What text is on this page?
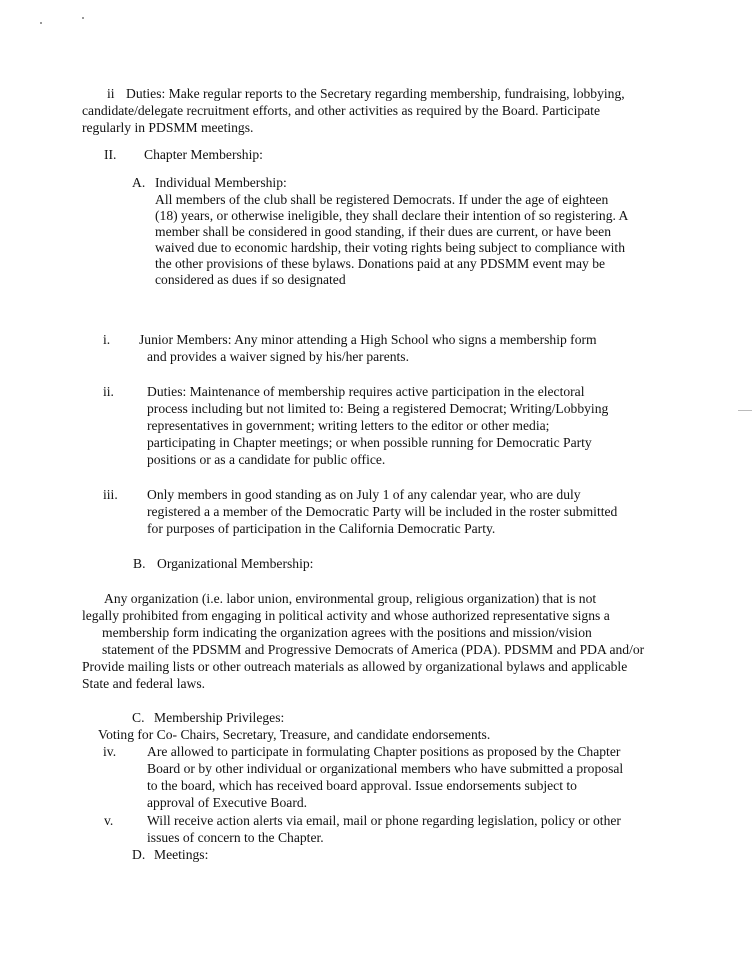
ii Duties: Make regular reports to the Secretary regarding membership, fundraising, lobbying,
candidate/delegate recruitment efforts, and other activities as required by the Board. Participate
regularly in PDSMM meetings.
II. Chapter Membership:
A. Individual Membership:
All members of the club shall be registered Democrats. If under the age of eighteen
(18) years, or otherwise ineligible, they shall declare their intention of so registering. A
member shall be considered in good standing, if their dues are current, or have been
waived due to economic hardship, their voting rights being subject to compliance with
the other provisions of these bylaws. Donations paid at any PDSMM event may be
considered as dues if so designated
i. Junior Members: Any minor attending a High School who signs a membership form
and provides a waiver signed by his/her parents.
ii. Duties: Maintenance of membership requires active participation in the electoral
process including but not limited to: Being a registered Democrat; Writing/Lobbying
representatives in government; writing letters to the editor or other media;
participating in Chapter meetings; or when possible running for Democratic Party
positions or as a candidate for public office.
iii. Only members in good standing as on July 1 of any calendar year, who are duly
registered a a member of the Democratic Party will be included in the roster submitted
for purposes of participation in the California Democratic Party.
B. Organizational Membership:
Any organization (i.e. labor union, environmental group, religious organization) that is not
legally prohibited from engaging in political activity and whose authorized representative signs a
membership form indicating the organization agrees with the positions and mission/vision
statement of the PDSMM and Progressive Democrats of America (PDA). PDSMM and PDA and/or
Provide mailing lists or other outreach materials as allowed by organizational bylaws and applicable
State and federal laws.
C. Membership Privileges:
Voting for Co- Chairs, Secretary, Treasure, and candidate endorsements.
iv. Are allowed to participate in formulating Chapter positions as proposed by the Chapter
Board or by other individual or organizational members who have submitted a proposal
to the board, which has received board approval. Issue endorsements subject to
approval of Executive Board.
v. Will receive action alerts via email, mail or phone regarding legislation, policy or other
issues of concern to the Chapter.
D. Meetings:
